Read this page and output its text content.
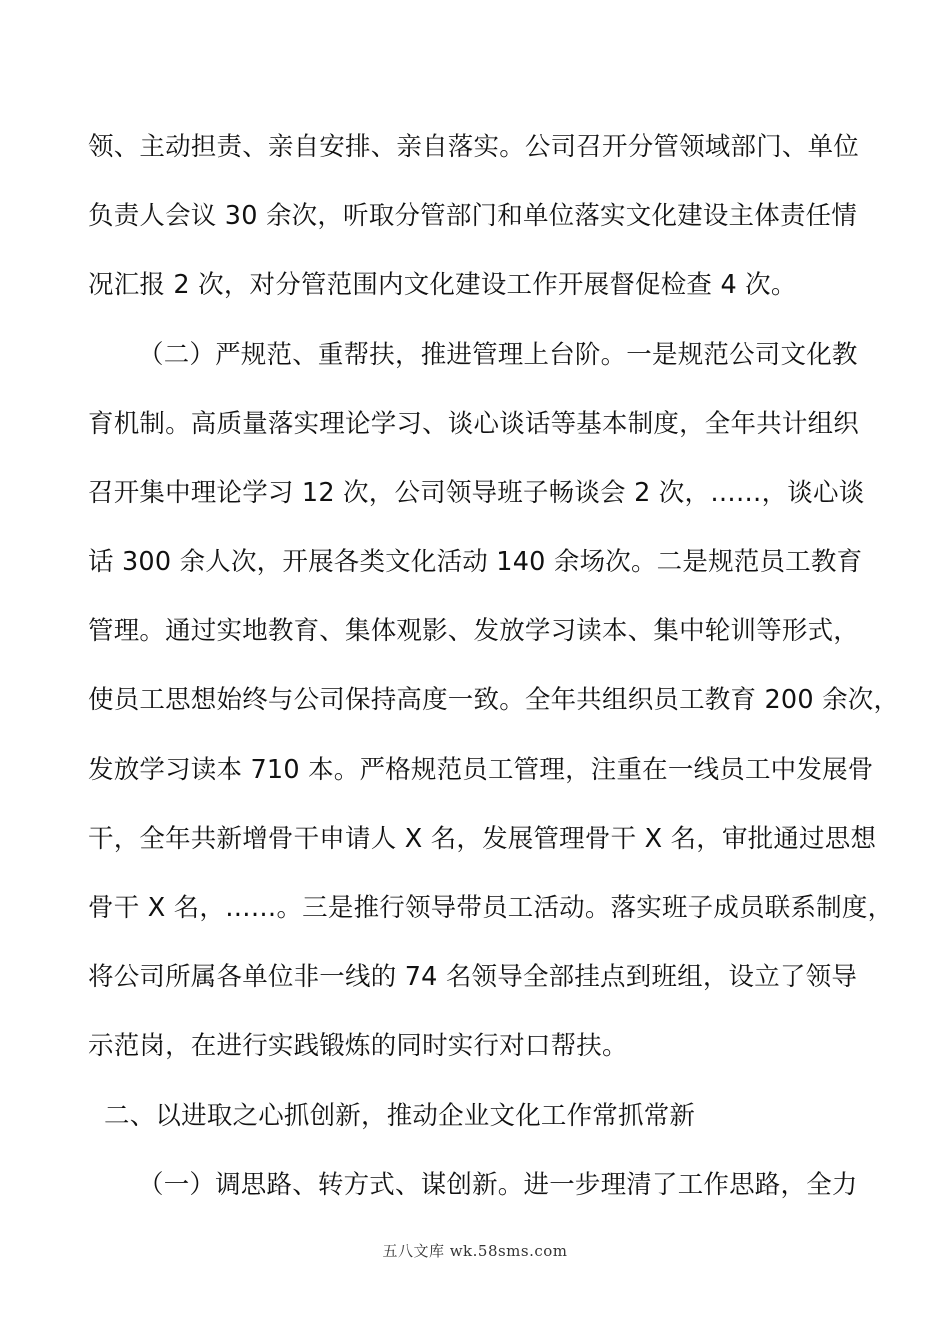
领、主动担责、亲自安排、亲自落实。公司召开分管领域部门、单位
负责人会议 30 余次，听取分管部门和单位落实文化建设主体责任情
况汇报 2 次，对分管范围内文化建设工作开展督促检查 4 次。
（二）严规范、重帮扶，推进管理上台阶。一是规范公司文化教
育机制。高质量落实理论学习、谈心谈话等基本制度，全年共计组织
召开集中理论学习 12 次，公司领导班子畅谈会 2 次，……，谈心谈
话 300 余人次，开展各类文化活动 140 余场次。二是规范员工教育
管理。通过实地教育、集体观影、发放学习读本、集中轮训等形式，
使员工思想始终与公司保持高度一致。全年共组织员工教育 200 余次，
发放学习读本 710 本。严格规范员工管理，注重在一线员工中发展骨
干，全年共新增骨干申请人 X 名，发展管理骨干 X 名，审批通过思想
骨干 X 名，……。三是推行领导带员工活动。落实班子成员联系制度，
将公司所属各单位非一线的 74 名领导全部挂点到班组，设立了领导
示范岗，在进行实践锻炼的同时实行对口帮扶。
二、以进取之心抓创新，推动企业文化工作常抓常新
（一）调思路、转方式、谋创新。进一步理清了工作思路，全力
五八文库 wk.58sms.com
